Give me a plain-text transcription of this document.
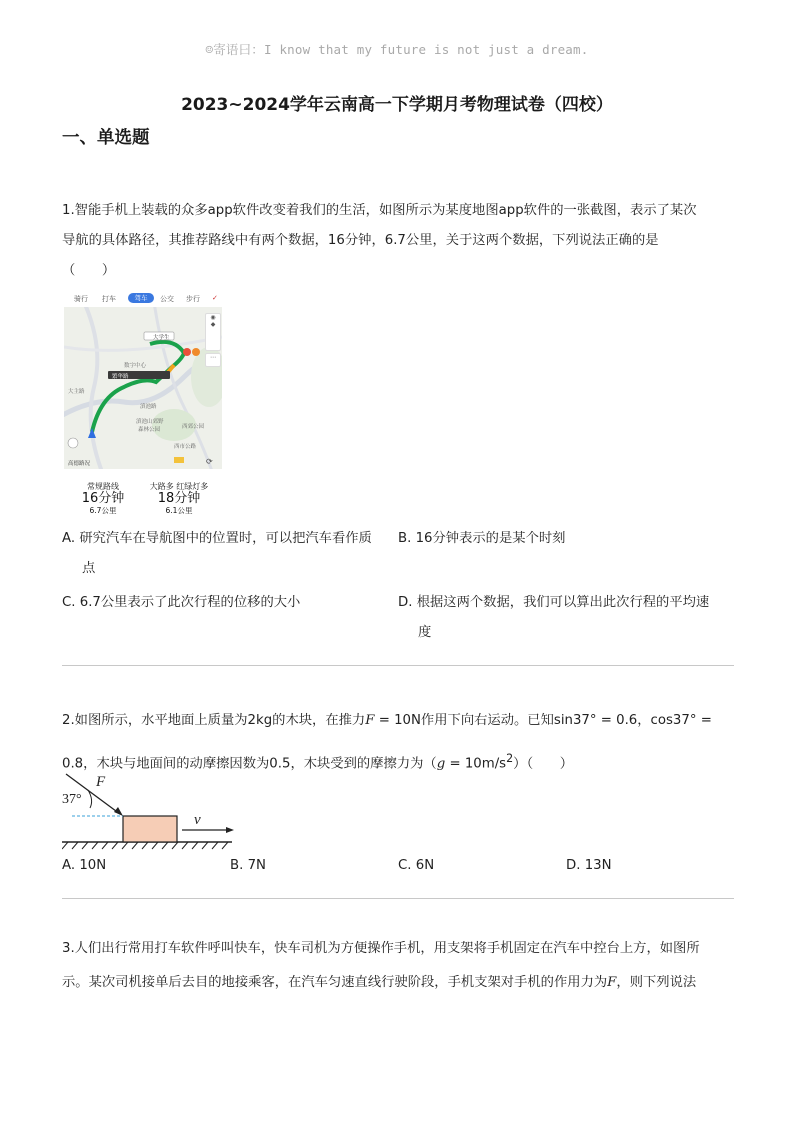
☺寄语曰：I know that my future is not just a dream.
2023~2024学年云南高一下学期月考物理试卷（四校）
一、单选题
1.智能手机上装载的众多app软件改变着我们的生活，如图所示为某度地图app软件的一张截图，表示了某次
导航的具体路径，其推荐路线中有两个数据，16分钟，6.7公里，关于这两个数据，下列说法正确的是
（　　）
骑行 打车	驾车	公交 步行 ✓
大学生
数字中心
繁华路
大主路
滇池路
滇池山郊野
森林公园	西郊公园
西市公路
高德路况
◉
◆
⋯
⟳
常规路线
16分钟
6.7公里
大路多 红绿灯多
18分钟
6.1公里
A. 研究汽车在导航图中的位置时，可以把汽车看作质
点
B. 16分钟表示的是某个时刻
C. 6.7公里表示了此次行程的位移的大小	D. 根据这两个数据，我们可以算出此次行程的平均速
度
2.如图所示，水平地面上质量为2kg的木块，在推力F = 10N作用下向右运动。已知sin37° = 0.6，cos37° =
0.8，木块与地面间的动摩擦因数为0.5，木块受到的摩擦力为$(g = 10m/s^2)$（　　）
37°
F
v
A. 10N	B. 7N	C. 6N	D. 13N
3.人们出行常用打车软件呼叫快车，快车司机为方便操作手机，用支架将手机固定在汽车中控台上方，如图所
示。某次司机接单后去目的地接乘客，在汽车匀速直线行驶阶段，手机支架对手机的作用力为F，则下列说法
